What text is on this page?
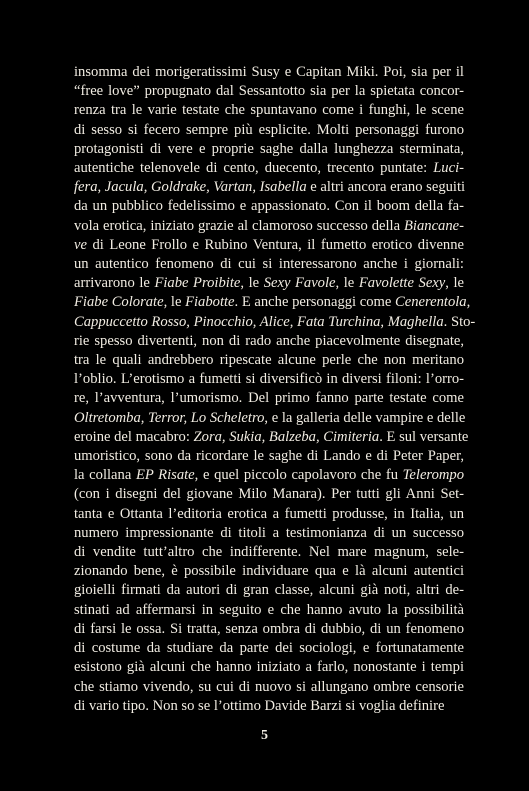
insomma dei morigeratissimi Susy e Capitan Miki. Poi, sia per il
“free love” propugnato dal Sessantotto sia per la spietata concor-
renza tra le varie testate che spuntavano come i funghi, le scene
di sesso si fecero sempre più esplicite. Molti personaggi furono
protagonisti di vere e proprie saghe dalla lunghezza sterminata,
autentiche telenovele di cento, duecento, trecento puntate: Luci-
fera, Jacula, Goldrake, Vartan, Isabella e altri ancora erano seguiti
da un pubblico fedelissimo e appassionato. Con il boom della fa-
vola erotica, iniziato grazie al clamoroso successo della Biancane-
ve di Leone Frollo e Rubino Ventura, il fumetto erotico divenne
un autentico fenomeno di cui si interessarono anche i giornali:
arrivarono le Fiabe Proibite, le Sexy Favole, le Favolette Sexy, le
Fiabe Colorate, le Fiabotte. E anche personaggi come Cenerentola,
Cappuccetto Rosso, Pinocchio, Alice, Fata Turchina, Maghella. Sto-
rie spesso divertenti, non di rado anche piacevolmente disegnate,
tra le quali andrebbero ripescate alcune perle che non meritano
l’oblio. L’erotismo a fumetti si diversificò in diversi filoni: l’orro-
re, l’avventura, l’umorismo. Del primo fanno parte testate come
Oltretomba, Terror, Lo Scheletro, e la galleria delle vampire e delle
eroine del macabro: Zora, Sukia, Balzeba, Cimiteria. E sul versante
umoristico, sono da ricordare le saghe di Lando e di Peter Paper,
la collana EP Risate, e quel piccolo capolavoro che fu Telerompo
(con i disegni del giovane Milo Manara). Per tutti gli Anni Set-
tanta e Ottanta l’editoria erotica a fumetti produsse, in Italia, un
numero impressionante di titoli a testimonianza di un successo
di vendite tutt’altro che indifferente. Nel mare magnum, sele-
zionando bene, è possibile individuare qua e là alcuni autentici
gioielli firmati da autori di gran classe, alcuni già noti, altri de-
stinati ad affermarsi in seguito e che hanno avuto la possibilità
di farsi le ossa. Si tratta, senza ombra di dubbio, di un fenomeno
di costume da studiare da parte dei sociologi, e fortunatamente
esistono già alcuni che hanno iniziato a farlo, nonostante i tempi
che stiamo vivendo, su cui di nuovo si allungano ombre censorie
di vario tipo. Non so se l’ottimo Davide Barzi si voglia definire
5
